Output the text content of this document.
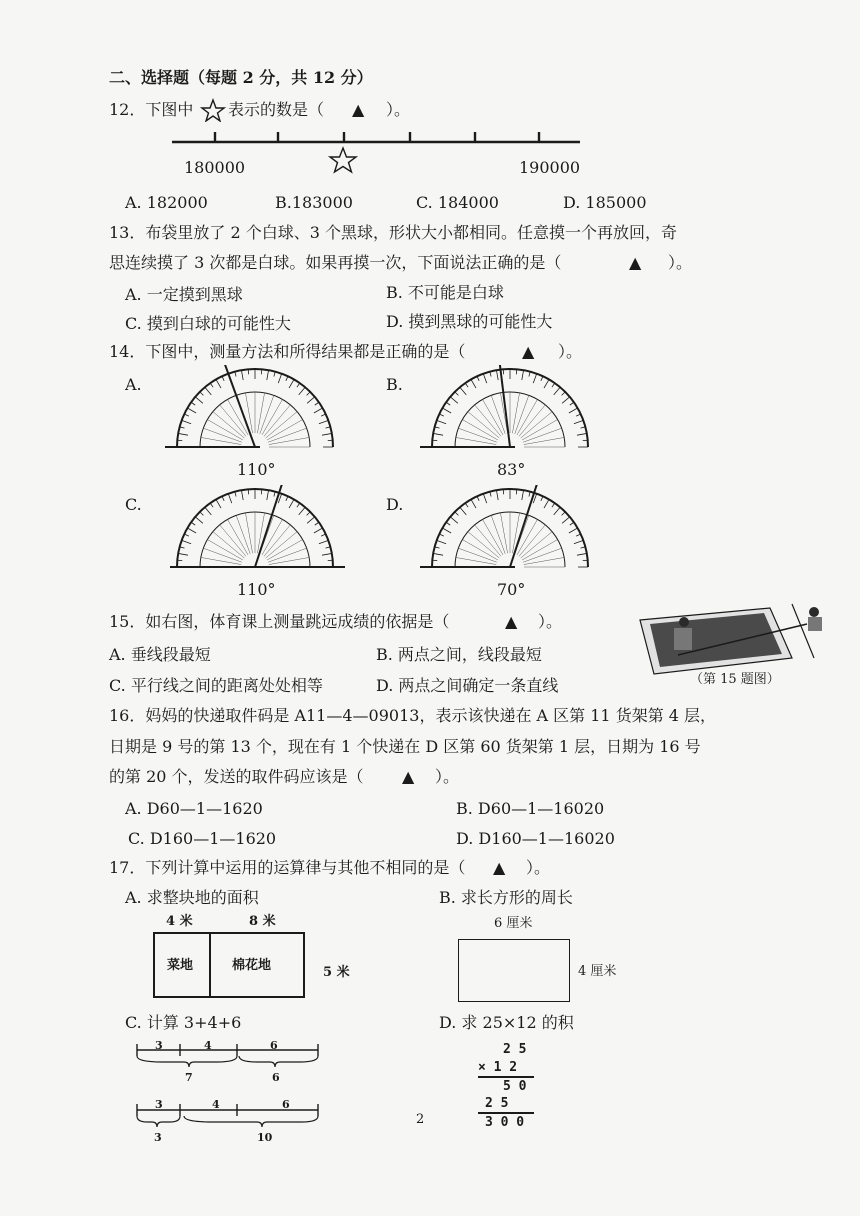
二、选择题（每题 2 分，共 12 分）
12．下图中 表示的数是（ ▲ ）。
180000	190000
A. 182000	B.183000	C. 184000	D. 185000
13．布袋里放了 2 个白球、3 个黑球，形状大小都相同。任意摸一个再放回，奇
思连续摸了 3 次都是白球。如果再摸一次，下面说法正确的是（	▲ ）。
A. 一定摸到黑球	B. 不可能是白球
C. 摸到白球的可能性大	D. 摸到黑球的可能性大
14．下图中，测量方法和所得结果都是正确的是（	▲ ）。
A.	B.
C.	D.
110°	83°
110°	70°
15．如右图，体育课上测量跳远成绩的依据是（	▲ ）。
A. 垂线段最短	B. 两点之间，线段最短
C. 平行线之间的距离处处相等	D. 两点之间确定一条直线	（第 15 题图）
16．妈妈的快递取件码是 A11—4—09013，表示该快递在 A 区第 11 货架第 4 层，
日期是 9 号的第 13 个，现在有 1 个快递在 D 区第 60 货架第 1 层，日期为 16 号
的第 20 个，发送的取件码应该是（ ▲ ）。
A. D60—1—1620	B. D60—1—16020
C. D160—1—1620	D. D160—1—16020
17．下列计算中运用的运算律与其他不相同的是（ ▲ ）。
A. 求整块地的面积	B. 求长方形的周长
4 米	8 米
菜地	棉花地	5 米
6 厘米
4 厘米
C. 计算 3+4+6	D. 求 25×12 的积
3	4	6
7	6
3	4	6
3	10
2 5
× 1 2
5 0
2 5
3 0 0
2
